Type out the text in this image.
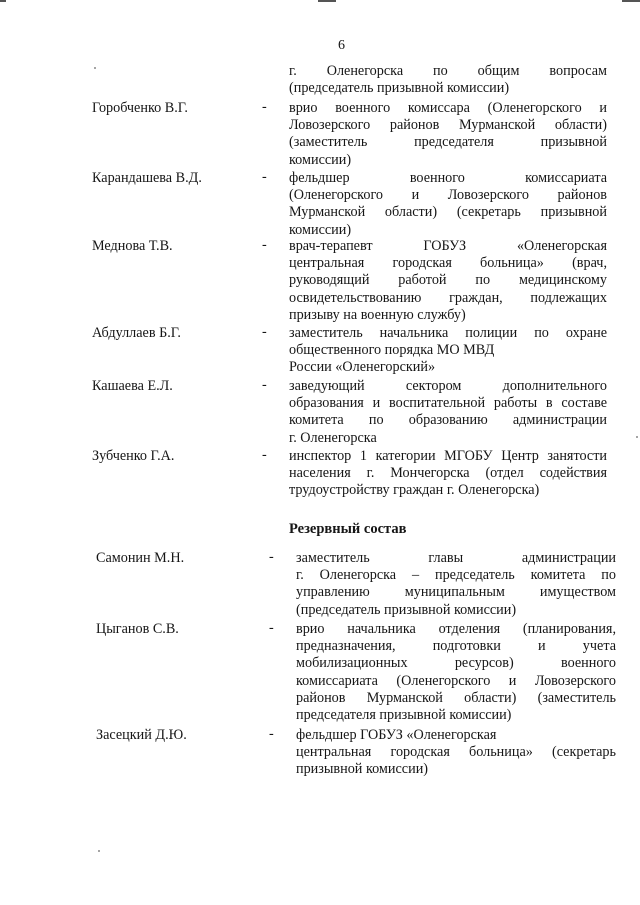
6
г. Оленегорска по общим вопросам
(председатель призывной комиссии)
Горобченко В.Г.	- врио военного комиссара (Оленегорского и
Ловозерского районов Мурманской области)
(заместитель председателя призывной
комиссии)
Карандашева В.Д.	- фельдшер военного комиссариата
(Оленегорского и Ловозерского районов
Мурманской области) (секретарь призывной
комиссии)
Меднова Т.В.	- врач-терапевт ГОБУЗ «Оленегорская
центральная городская больница» (врач,
руководящий работой по медицинскому
освидетельствованию граждан, подлежащих
призыву на военную службу)
Абдуллаев Б.Г.	- заместитель начальника полиции по охране
общественного порядка МО МВД
России «Оленегорский»
Кашаева Е.Л.	- заведующий сектором дополнительного
образования и воспитательной работы в составе
комитета по образованию администрации
г. Оленегорска
Зубченко Г.А.	- инспектор 1 категории МГОБУ Центр занятости
населения г. Мончегорска (отдел содействия
трудоустройству граждан г. Оленегорска)
Резервный состав
Самонин М.Н.	- заместитель главы администрации
г. Оленегорска – председатель комитета по
управлению муниципальным имуществом
(председатель призывной комиссии)
Цыганов С.В.	- врио начальника отделения (планирования,
предназначения, подготовки и учета
мобилизационных ресурсов) военного
комиссариата (Оленегорского и Ловозерского
районов Мурманской области) (заместитель
председателя призывной комиссии)
Засецкий Д.Ю.	- фельдшер ГОБУЗ «Оленегорская
центральная городская больница» (секретарь
призывной комиссии)
